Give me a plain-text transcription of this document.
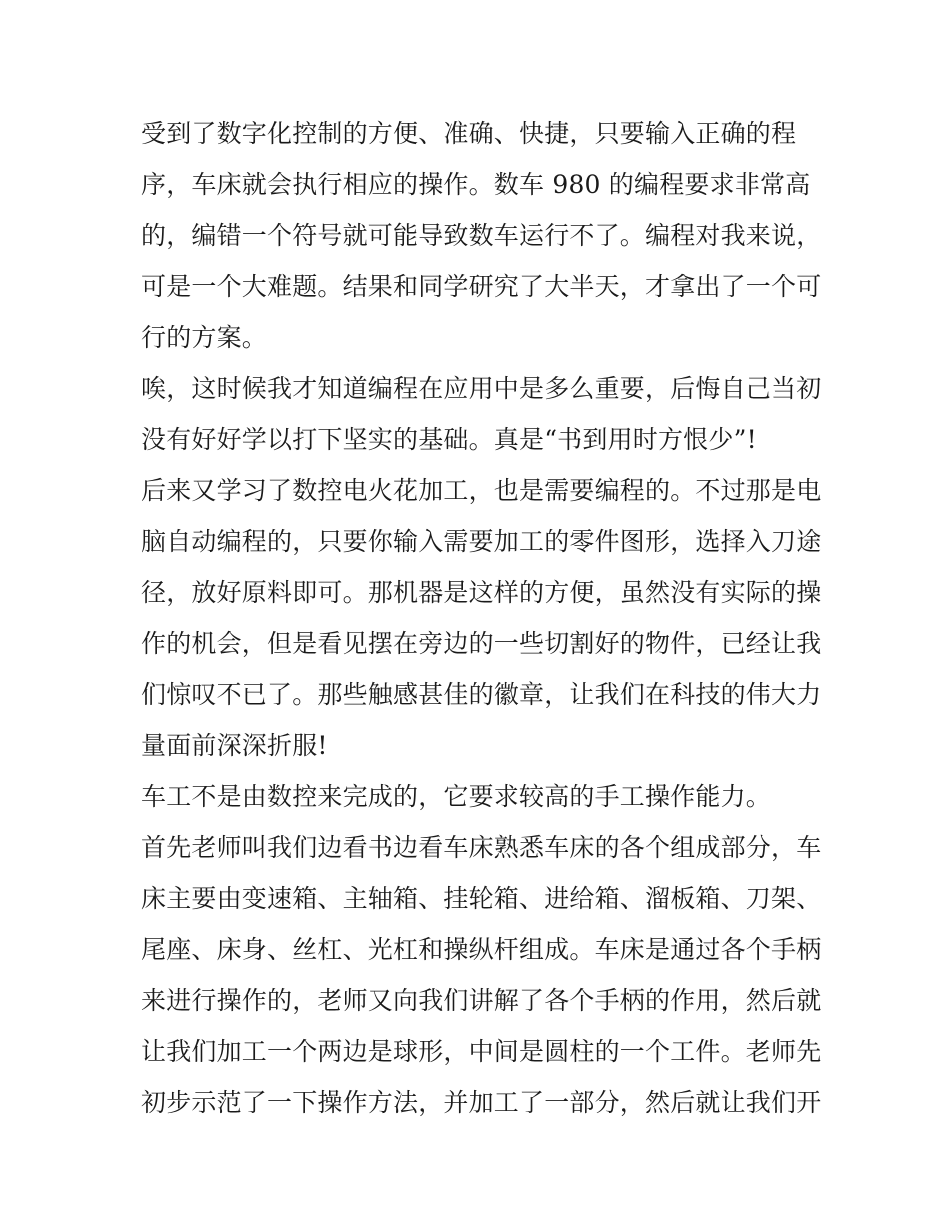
受到了数字化控制的方便、准确、快捷，只要输入正确的程
序，车床就会执行相应的操作。数车 980 的编程要求非常高
的，编错一个符号就可能导致数车运行不了。编程对我来说，
可是一个大难题。结果和同学研究了大半天，才拿出了一个可
行的方案。
唉，这时候我才知道编程在应用中是多么重要，后悔自己当初
没有好好学以打下坚实的基础。真是“书到用时方恨少”!
后来又学习了数控电火花加工，也是需要编程的。不过那是电
脑自动编程的，只要你输入需要加工的零件图形，选择入刀途
径，放好原料即可。那机器是这样的方便，虽然没有实际的操
作的机会，但是看见摆在旁边的一些切割好的物件，已经让我
们惊叹不已了。那些触感甚佳的徽章，让我们在科技的伟大力
量面前深深折服!
车工不是由数控来完成的，它要求较高的手工操作能力。
首先老师叫我们边看书边看车床熟悉车床的各个组成部分，车
床主要由变速箱、主轴箱、挂轮箱、进给箱、溜板箱、刀架、
尾座、床身、丝杠、光杠和操纵杆组成。车床是通过各个手柄
来进行操作的，老师又向我们讲解了各个手柄的作用，然后就
让我们加工一个两边是球形，中间是圆柱的一个工件。老师先
初步示范了一下操作方法，并加工了一部分，然后就让我们开
